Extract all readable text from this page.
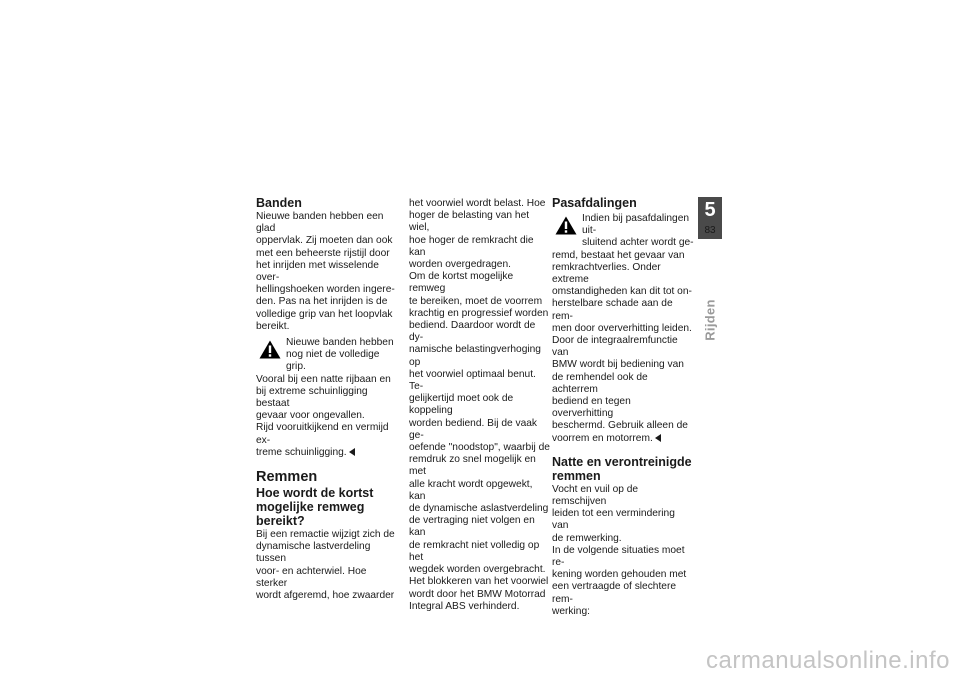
Banden

Nieuwe banden hebben een glad

oppervlak. Zij moeten dan ook

met een beheerste rijstijl door

het inrijden met wisselende over-

hellingshoeken worden ingere-

den. Pas na het inrijden is de

volledige grip van het loopvlak

bereikt.

Nieuwe banden hebben

nog niet de volledige grip.

Vooral bij een natte rijbaan en

bij extreme schuinligging bestaat

gevaar voor ongevallen.

Rijd vooruitkijkend en vermijd ex-

treme schuinligging.

Remmen
Hoe wordt de kortst
mogelijke remweg
bereikt?

Bij een remactie wijzigt zich de

dynamische lastverdeling tussen

voor- en achterwiel. Hoe sterker

wordt afgeremd, hoe zwaarder

het voorwiel wordt belast. Hoe

hoger de belasting van het wiel,

hoe hoger de remkracht die kan

worden overgedragen.

Om de kortst mogelijke remweg

te bereiken, moet de voorrem

krachtig en progressief worden

bediend. Daardoor wordt de dy-

namische belastingverhoging op

het voorwiel optimaal benut. Te-

gelijkertijd moet ook de koppeling

worden bediend. Bij de vaak ge-

oefende "noodstop", waarbij de

remdruk zo snel mogelijk en met

alle kracht wordt opgewekt, kan

de dynamische aslastverdeling

de vertraging niet volgen en kan

de remkracht niet volledig op het

wegdek worden overgebracht.

Het blokkeren van het voorwiel

wordt door het BMW Motorrad

Integral ABS verhinderd.

Pasafdalingen

Indien bij pasafdalingen uit-

sluitend achter wordt ge-

remd, bestaat het gevaar van

remkrachtverlies. Onder extreme

omstandigheden kan dit tot on-

herstelbare schade aan de rem-

men door oververhitting leiden.

Door de integraalremfunctie van

BMW wordt bij bediening van

de remhendel ook de achterrem

bediend en tegen oververhitting

beschermd. Gebruik alleen de

voorrem en motorrem.

Natte en verontreinigde
remmen

Vocht en vuil op de remschijven

leiden tot een vermindering van

de remwerking.

In de volgende situaties moet re-

kening worden gehouden met

een vertraagde of slechtere rem-

werking:

5
83
Rijden
carmanualsonline.info
